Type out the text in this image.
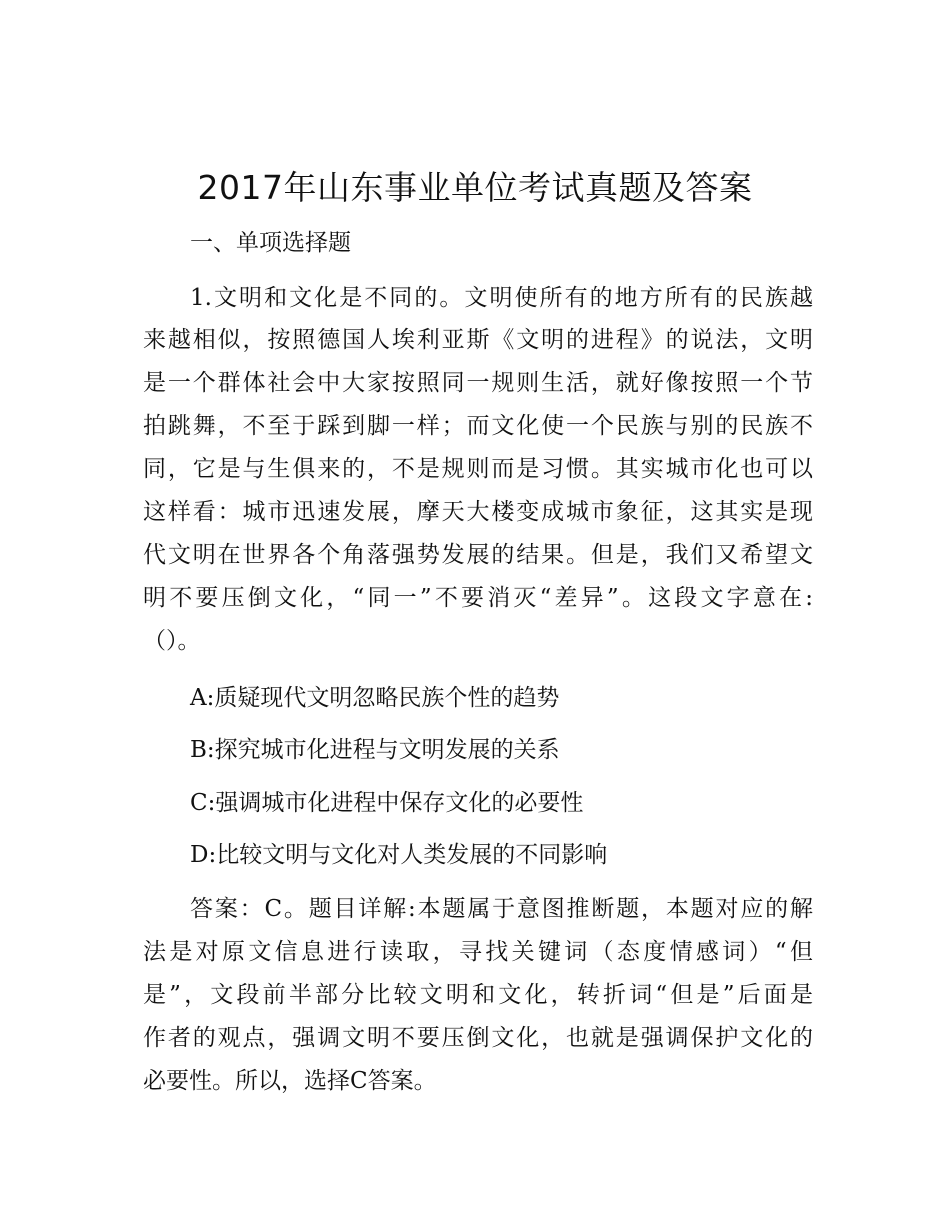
2017年山东事业单位考试真题及答案
一、单项选择题
1.文明和文化是不同的。文明使所有的地方所有的民族越
来越相似，按照德国人埃利亚斯《文明的进程》的说法，文明
是一个群体社会中大家按照同一规则生活，就好像按照一个节
拍跳舞，不至于踩到脚一样；而文化使一个民族与别的民族不
同，它是与生俱来的，不是规则而是习惯。其实城市化也可以
这样看：城市迅速发展，摩天大楼变成城市象征，这其实是现
代文明在世界各个角落强势发展的结果。但是，我们又希望文
明不要压倒文化，“同一”不要消灭“差异”。这段文字意在:
（）。
A:质疑现代文明忽略民族个性的趋势
B:探究城市化进程与文明发展的关系
C:强调城市化进程中保存文化的必要性
D:比较文明与文化对人类发展的不同影响
答案：C。题目详解:本题属于意图推断题，本题对应的解
法是对原文信息进行读取，寻找关键词（态度情感词）“但
是”，文段前半部分比较文明和文化，转折词“但是”后面是
作者的观点，强调文明不要压倒文化，也就是强调保护文化的
必要性。所以，选择C答案。
